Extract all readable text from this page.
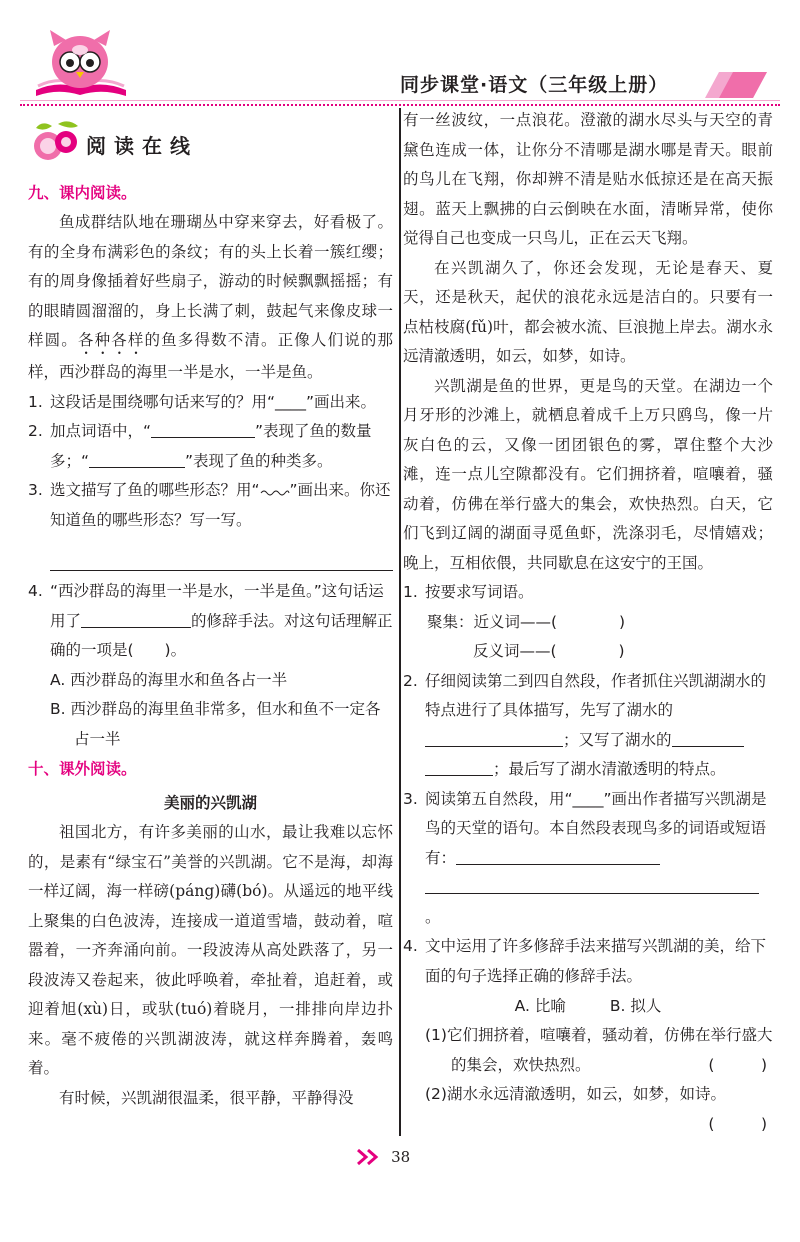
同步课堂·语文（三年级上册）
阅读在线
九、课内阅读。
鱼成群结队地在珊瑚丛中穿来穿去，好看极了。有的全身布满彩色的条纹；有的头上长着一簇红缨；有的周身像插着好些扇子，游动的时候飘飘摇摇；有的眼睛圆溜溜的，身上长满了刺，鼓起气来像皮球一样圆。各种各样的鱼多得数不清。正像人们说的那样，西沙群岛的海里一半是水，一半是鱼。
1. 这段话是围绕哪句话来写的？用“____”画出来。
2. 加点词语中，“	”表现了鱼的数量多；“	”表现了鱼的种类多。
3. 选文描写了鱼的哪些形态？用“ ”画出来。你还知道鱼的哪些形态？写一写。
4. “西沙群岛的海里一半是水，一半是鱼。”这句话运用了	的修辞手法。对这句话理解正确的一项是(　　)。
A. 西沙群岛的海里水和鱼各占一半
B. 西沙群岛的海里鱼非常多，但水和鱼不一定各占一半
十、课外阅读。
美丽的兴凯湖
祖国北方，有许多美丽的山水，最让我难以忘怀的，是素有“绿宝石”美誉的兴凯湖。它不是海，却海一样辽阔，海一样磅(páng)礴(bó)。从遥远的地平线上聚集的白色波涛，连接成一道道雪墙，鼓动着，喧嚣着，一齐奔涌向前。一段波涛从高处跌落了，另一段波涛又卷起来，彼此呼唤着，牵扯着，追赶着，或迎着旭(xù)日，或驮(tuó)着晓月，一排排向岸边扑来。毫不疲倦的兴凯湖波涛，就这样奔腾着，轰鸣着。
有时候，兴凯湖很温柔，很平静，平静得没
有一丝波纹，一点浪花。澄澈的湖水尽头与天空的青黛色连成一体，让你分不清哪是湖水哪是青天。眼前的鸟儿在飞翔，你却辨不清是贴水低掠还是在高天振翅。蓝天上飘拂的白云倒映在水面，清晰异常，使你觉得自己也变成一只鸟儿，正在云天飞翔。
在兴凯湖久了，你还会发现，无论是春天、夏天，还是秋天，起伏的浪花永远是洁白的。只要有一点枯枝腐(fǔ)叶，都会被水流、巨浪抛上岸去。湖水永远清澈透明，如云，如梦，如诗。
兴凯湖是鱼的世界，更是鸟的天堂。在湖边一个月牙形的沙滩上，就栖息着成千上万只鸥鸟，像一片灰白色的云，又像一团团银色的雾，罩住整个大沙滩，连一点儿空隙都没有。它们拥挤着，喧嚷着，骚动着，仿佛在举行盛大的集会，欢快热烈。白天，它们飞到辽阔的湖面寻觅鱼虾，洗涤羽毛，尽情嬉戏；晚上，互相依偎，共同歇息在这安宁的王国。
1. 按要求写词语。
聚集：近义词——(　　　　)
反义词——(　　　　)
2. 仔细阅读第二到四自然段，作者抓住兴凯湖湖水的特点进行了具体描写，先写了湖水的；又写了湖水的
；最后写了湖水清澈透明的特点。
3. 阅读第五自然段，用“____”画出作者描写兴凯湖是鸟的天堂的语句。本自然段表现鸟多的词语或短语有：
。
4. 文中运用了许多修辞手法来描写兴凯湖的美，给下面的句子选择正确的修辞手法。
A. 比喻	B. 拟人
(1)它们拥挤着，喧嚷着，骚动着，仿佛在举行盛大的集会，欢快热烈。	(　　　)
(2)湖水永远清澈透明，如云，如梦，如诗。
(　　　)
38
